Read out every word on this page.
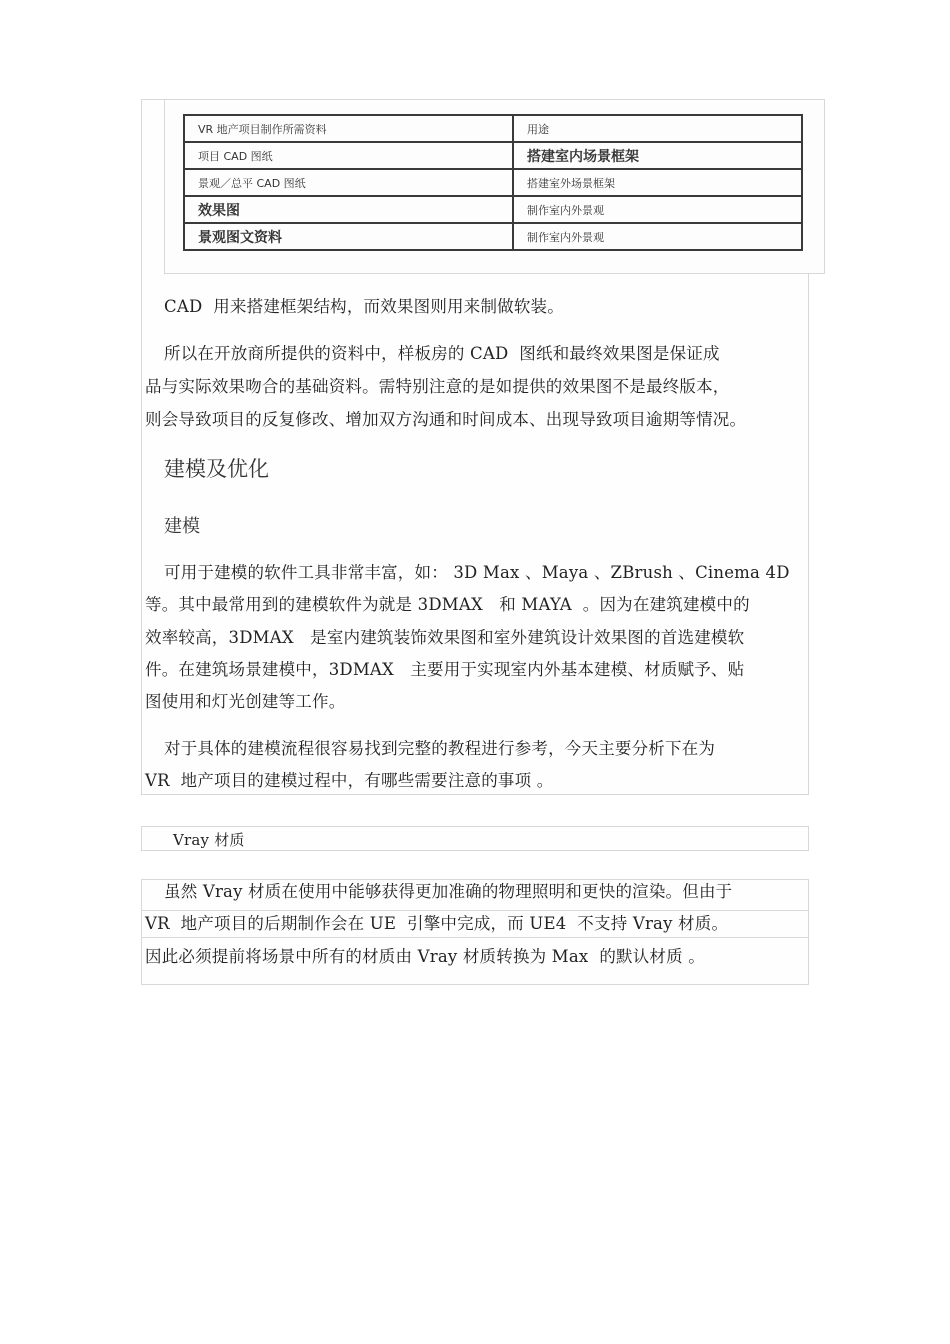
VR 地产项目制作所需资料	用途
项目 CAD 图纸	搭建室内场景框架
景观／总平 CAD 图纸	搭建室外场景框架
效果图	制作室内外景观
景观图文资料	制作室内外景观
CAD  用来搭建框架结构，而效果图则用来制做软装。
所以在开放商所提供的资料中，样板房的 CAD  图纸和最终效果图是保证成
品与实际效果吻合的基础资料。需特别注意的是如提供的效果图不是最终版本，
则会导致项目的反复修改、增加双方沟通和时间成本、出现导致项目逾期等情况。
建模及优化
建模
可用于建模的软件工具非常丰富，如： 3D Max 、Maya 、ZBrush 、Cinema 4D
等。其中最常用到的建模软件为就是 3DMAX   和 MAYA  。因为在建筑建模中的
效率较高，3DMAX   是室内建筑装饰效果图和室外建筑设计效果图的首选建模软
件。在建筑场景建模中，3DMAX   主要用于实现室内外基本建模、材质赋予、贴
图使用和灯光创建等工作。
对于具体的建模流程很容易找到完整的教程进行参考，今天主要分析下在为
VR  地产项目的建模过程中，有哪些需要注意的事项 。
Vray 材质
虽然 Vray 材质在使用中能够获得更加准确的物理照明和更快的渲染。但由于
VR  地产项目的后期制作会在 UE  引擎中完成，而 UE4  不支持 Vray 材质。
因此必须提前将场景中所有的材质由 Vray 材质转换为 Max  的默认材质 。
